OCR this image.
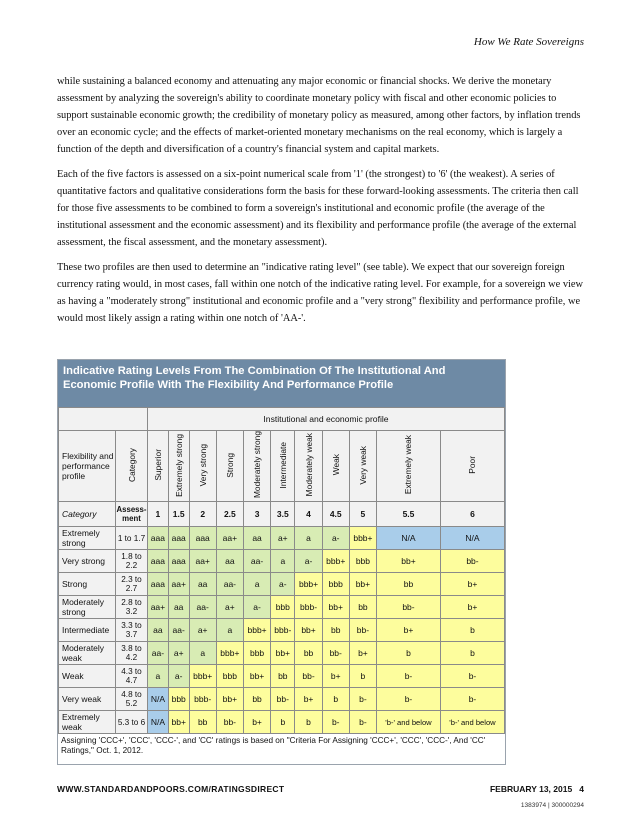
How We Rate Sovereigns

while sustaining a balanced economy and attenuating any major economic or financial shocks. We derive the monetary assessment by analyzing the sovereign's ability to coordinate monetary policy with fiscal and other economic policies to support sustainable economic growth; the credibility of monetary policy as measured, among other factors, by inflation trends over an economic cycle; and the effects of market-oriented monetary mechanisms on the real economy, which is largely a function of the depth and diversification of a country's financial system and capital markets.

Each of the five factors is assessed on a six-point numerical scale from '1' (the strongest) to '6' (the weakest). A series of quantitative factors and qualitative considerations form the basis for these forward-looking assessments. The criteria then call for those five assessments to be combined to form a sovereign's institutional and economic profile (the average of the institutional assessment and the economic assessment) and its flexibility and performance profile (the average of the external assessment, the fiscal assessment, and the monetary assessment).

These two profiles are then used to determine an "indicative rating level" (see table). We expect that our sovereign foreign currency rating would, in most cases, fall within one notch of the indicative rating level. For example, for a sovereign we view as having a "moderately strong" institutional and economic profile and a "very strong" flexibility and performance profile, we would most likely assign a rating within one notch of 'AA-'.

Indicative Rating Levels From The Combination Of The Institutional And Economic Profile With The Flexibility And Performance Profile
		Institutional and economic profile										
Flexibility and performance profile	Category	Superior	Extremely strong	Very strong	Strong	Moderately strong	Intermediate	Moderately weak	Weak	Very weak	Extremely weak	Poor
Category	Assess-ment	1	1.5	2	2.5	3	3.5	4	4.5	5	5.5	6
Extremely strong	1 to 1.7	aaa	aaa	aaa	aa+	aa	a+	a	a-	bbb+	N/A	N/A
Very strong	1.8 to 2.2	aaa	aaa	aa+	aa	aa-	a	a-	bbb+	bbb	bb+	bb-
Strong	2.3 to 2.7	aaa	aa+	aa	aa-	a	a-	bbb+	bbb	bb+	bb	b+
Moderately strong	2.8 to 3.2	aa+	aa	aa-	a+	a-	bbb	bbb-	bb+	bb	bb-	b+
Intermediate	3.3 to 3.7	aa	aa-	a+	a	bbb+	bbb-	bb+	bb	bb-	b+	b
Moderately weak	3.8 to 4.2	aa-	a+	a	bbb+	bbb	bb+	bb	bb-	b+	b	b
Weak	4.3 to 4.7	a	a-	bbb+	bbb	bb+	bb	bb-	b+	b	b-	b-
Very weak	4.8 to 5.2	N/A	bbb	bbb-	bb+	bb	bb-	b+	b	b-	b-	b-
Extremely weak	5.3 to 6	N/A	bb+	bb	bb-	b+	b	b	b-	b-	'b-' and below	'b-' and below
Assigning 'CCC+', 'CCC', 'CCC-', and 'CC' ratings is based on "Criteria For Assigning 'CCC+', 'CCC', 'CCC-', And 'CC' Ratings," Oct. 1, 2012.
WWW.STANDARDANDPOORS.COM/RATINGSDIRECT	FEBRUARY 13, 2015   4
1383974 | 300000294
